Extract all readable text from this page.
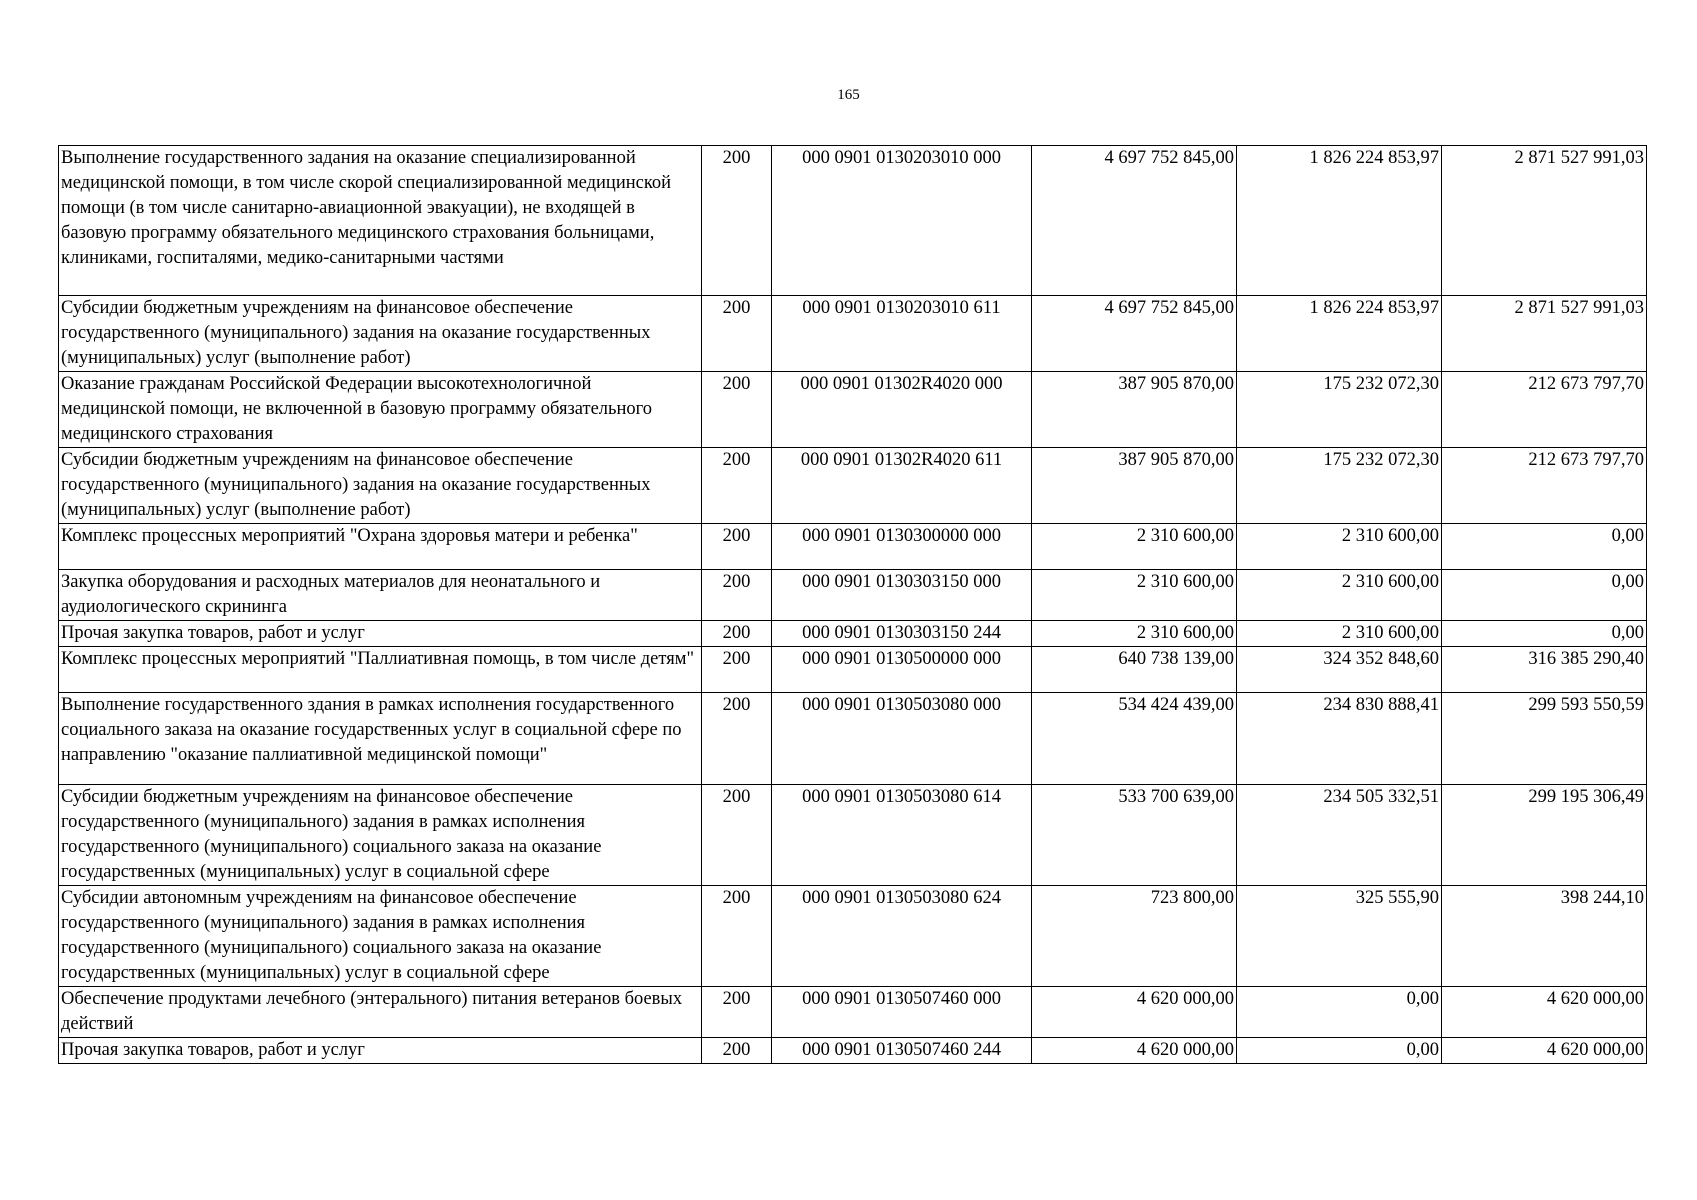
165
Выполнение государственного задания на оказание специализированной медицинской помощи, в том числе скорой специализированной медицинской помощи (в том числе санитарно-авиационной эвакуации), не входящей в базовую программу обязательного медицинского страхования больницами, клиниками, госпиталями, медико-санитарными частями	200	000 0901 0130203010 000	4 697 752 845,00	1 826 224 853,97	2 871 527 991,03
Субсидии бюджетным учреждениям на финансовое обеспечение государственного (муниципального) задания на оказание государственных (муниципальных) услуг (выполнение работ)	200	000 0901 0130203010 611	4 697 752 845,00	1 826 224 853,97	2 871 527 991,03
Оказание гражданам Российской Федерации высокотехнологичной медицинской помощи, не включенной в базовую программу обязательного медицинского страхования	200	000 0901 01302R4020 000	387 905 870,00	175 232 072,30	212 673 797,70
Субсидии бюджетным учреждениям на финансовое обеспечение государственного (муниципального) задания на оказание государственных (муниципальных) услуг (выполнение работ)	200	000 0901 01302R4020 611	387 905 870,00	175 232 072,30	212 673 797,70
Комплекс процессных мероприятий "Охрана здоровья матери и ребенка"	200	000 0901 0130300000 000	2 310 600,00	2 310 600,00	0,00
Закупка оборудования и расходных материалов для неонатального и аудиологического скрининга	200	000 0901 0130303150 000	2 310 600,00	2 310 600,00	0,00
Прочая закупка товаров, работ и услуг	200	000 0901 0130303150 244	2 310 600,00	2 310 600,00	0,00
Комплекс процессных мероприятий "Паллиативная помощь, в том числе детям"	200	000 0901 0130500000 000	640 738 139,00	324 352 848,60	316 385 290,40
Выполнение государственного здания в рамках исполнения государственного социального заказа на оказание государственных услуг в социальной сфере по направлению "оказание паллиативной медицинской помощи"	200	000 0901 0130503080 000	534 424 439,00	234 830 888,41	299 593 550,59
Субсидии бюджетным учреждениям на финансовое обеспечение государственного (муниципального) задания в рамках исполнения государственного (муниципального) социального заказа на оказание государственных (муниципальных) услуг в социальной сфере	200	000 0901 0130503080 614	533 700 639,00	234 505 332,51	299 195 306,49
Субсидии автономным учреждениям на финансовое обеспечение государственного (муниципального) задания в рамках исполнения государственного (муниципального) социального заказа на оказание государственных (муниципальных) услуг в социальной сфере	200	000 0901 0130503080 624	723 800,00	325 555,90	398 244,10
Обеспечение продуктами лечебного (энтерального) питания ветеранов боевых действий	200	000 0901 0130507460 000	4 620 000,00	0,00	4 620 000,00
Прочая закупка товаров, работ и услуг	200	000 0901 0130507460 244	4 620 000,00	0,00	4 620 000,00
